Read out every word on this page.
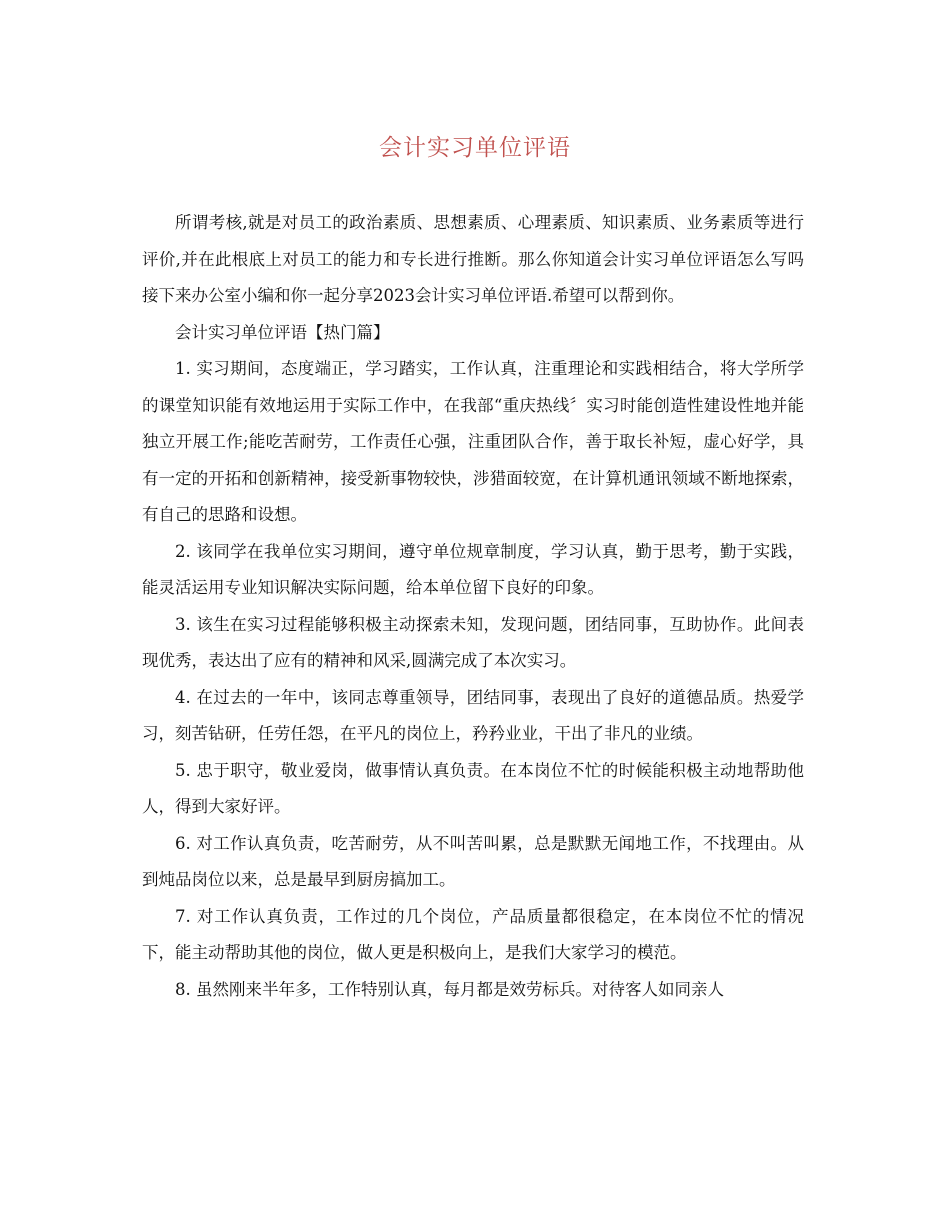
会计实习单位评语

所谓考核,就是对员工的政治素质、思想素质、心理素质、知识素质、业务素质等进行评价,并在此根底上对员工的能力和专长进行推断。那么你知道会计实习单位评语怎么写吗接下来办公室小编和你一起分享2023会计实习单位评语.希望可以帮到你。

会计实习单位评语【热门篇】

1. 实习期间，态度端正，学习踏实，工作认真，注重理论和实践相结合，将大学所学的课堂知识能有效地运用于实际工作中，在我部“重庆热线〞实习时能创造性建设性地并能独立开展工作;能吃苦耐劳，工作责任心强，注重团队合作，善于取长补短，虚心好学，具有一定的开拓和创新精神，接受新事物较快，涉猎面较宽，在计算机通讯领域不断地探索，有自己的思路和设想。

2. 该同学在我单位实习期间，遵守单位规章制度，学习认真，勤于思考，勤于实践，能灵活运用专业知识解决实际问题，给本单位留下良好的印象。

3. 该生在实习过程能够积极主动探索未知，发现问题，团结同事，互助协作。此间表现优秀，表达出了应有的精神和风采,圆满完成了本次实习。

4. 在过去的一年中，该同志尊重领导，团结同事，表现出了良好的道德品质。热爱学习，刻苦钻研，任劳任怨，在平凡的岗位上，矜矜业业，干出了非凡的业绩。

5. 忠于职守，敬业爱岗，做事情认真负责。在本岗位不忙的时候能积极主动地帮助他人，得到大家好评。

6. 对工作认真负责，吃苦耐劳，从不叫苦叫累，总是默默无闻地工作，不找理由。从到炖品岗位以来，总是最早到厨房搞加工。

7. 对工作认真负责，工作过的几个岗位，产品质量都很稳定，在本岗位不忙的情况下，能主动帮助其他的岗位，做人更是积极向上，是我们大家学习的模范。

8. 虽然刚来半年多，工作特别认真，每月都是效劳标兵。对待客人如同亲人
